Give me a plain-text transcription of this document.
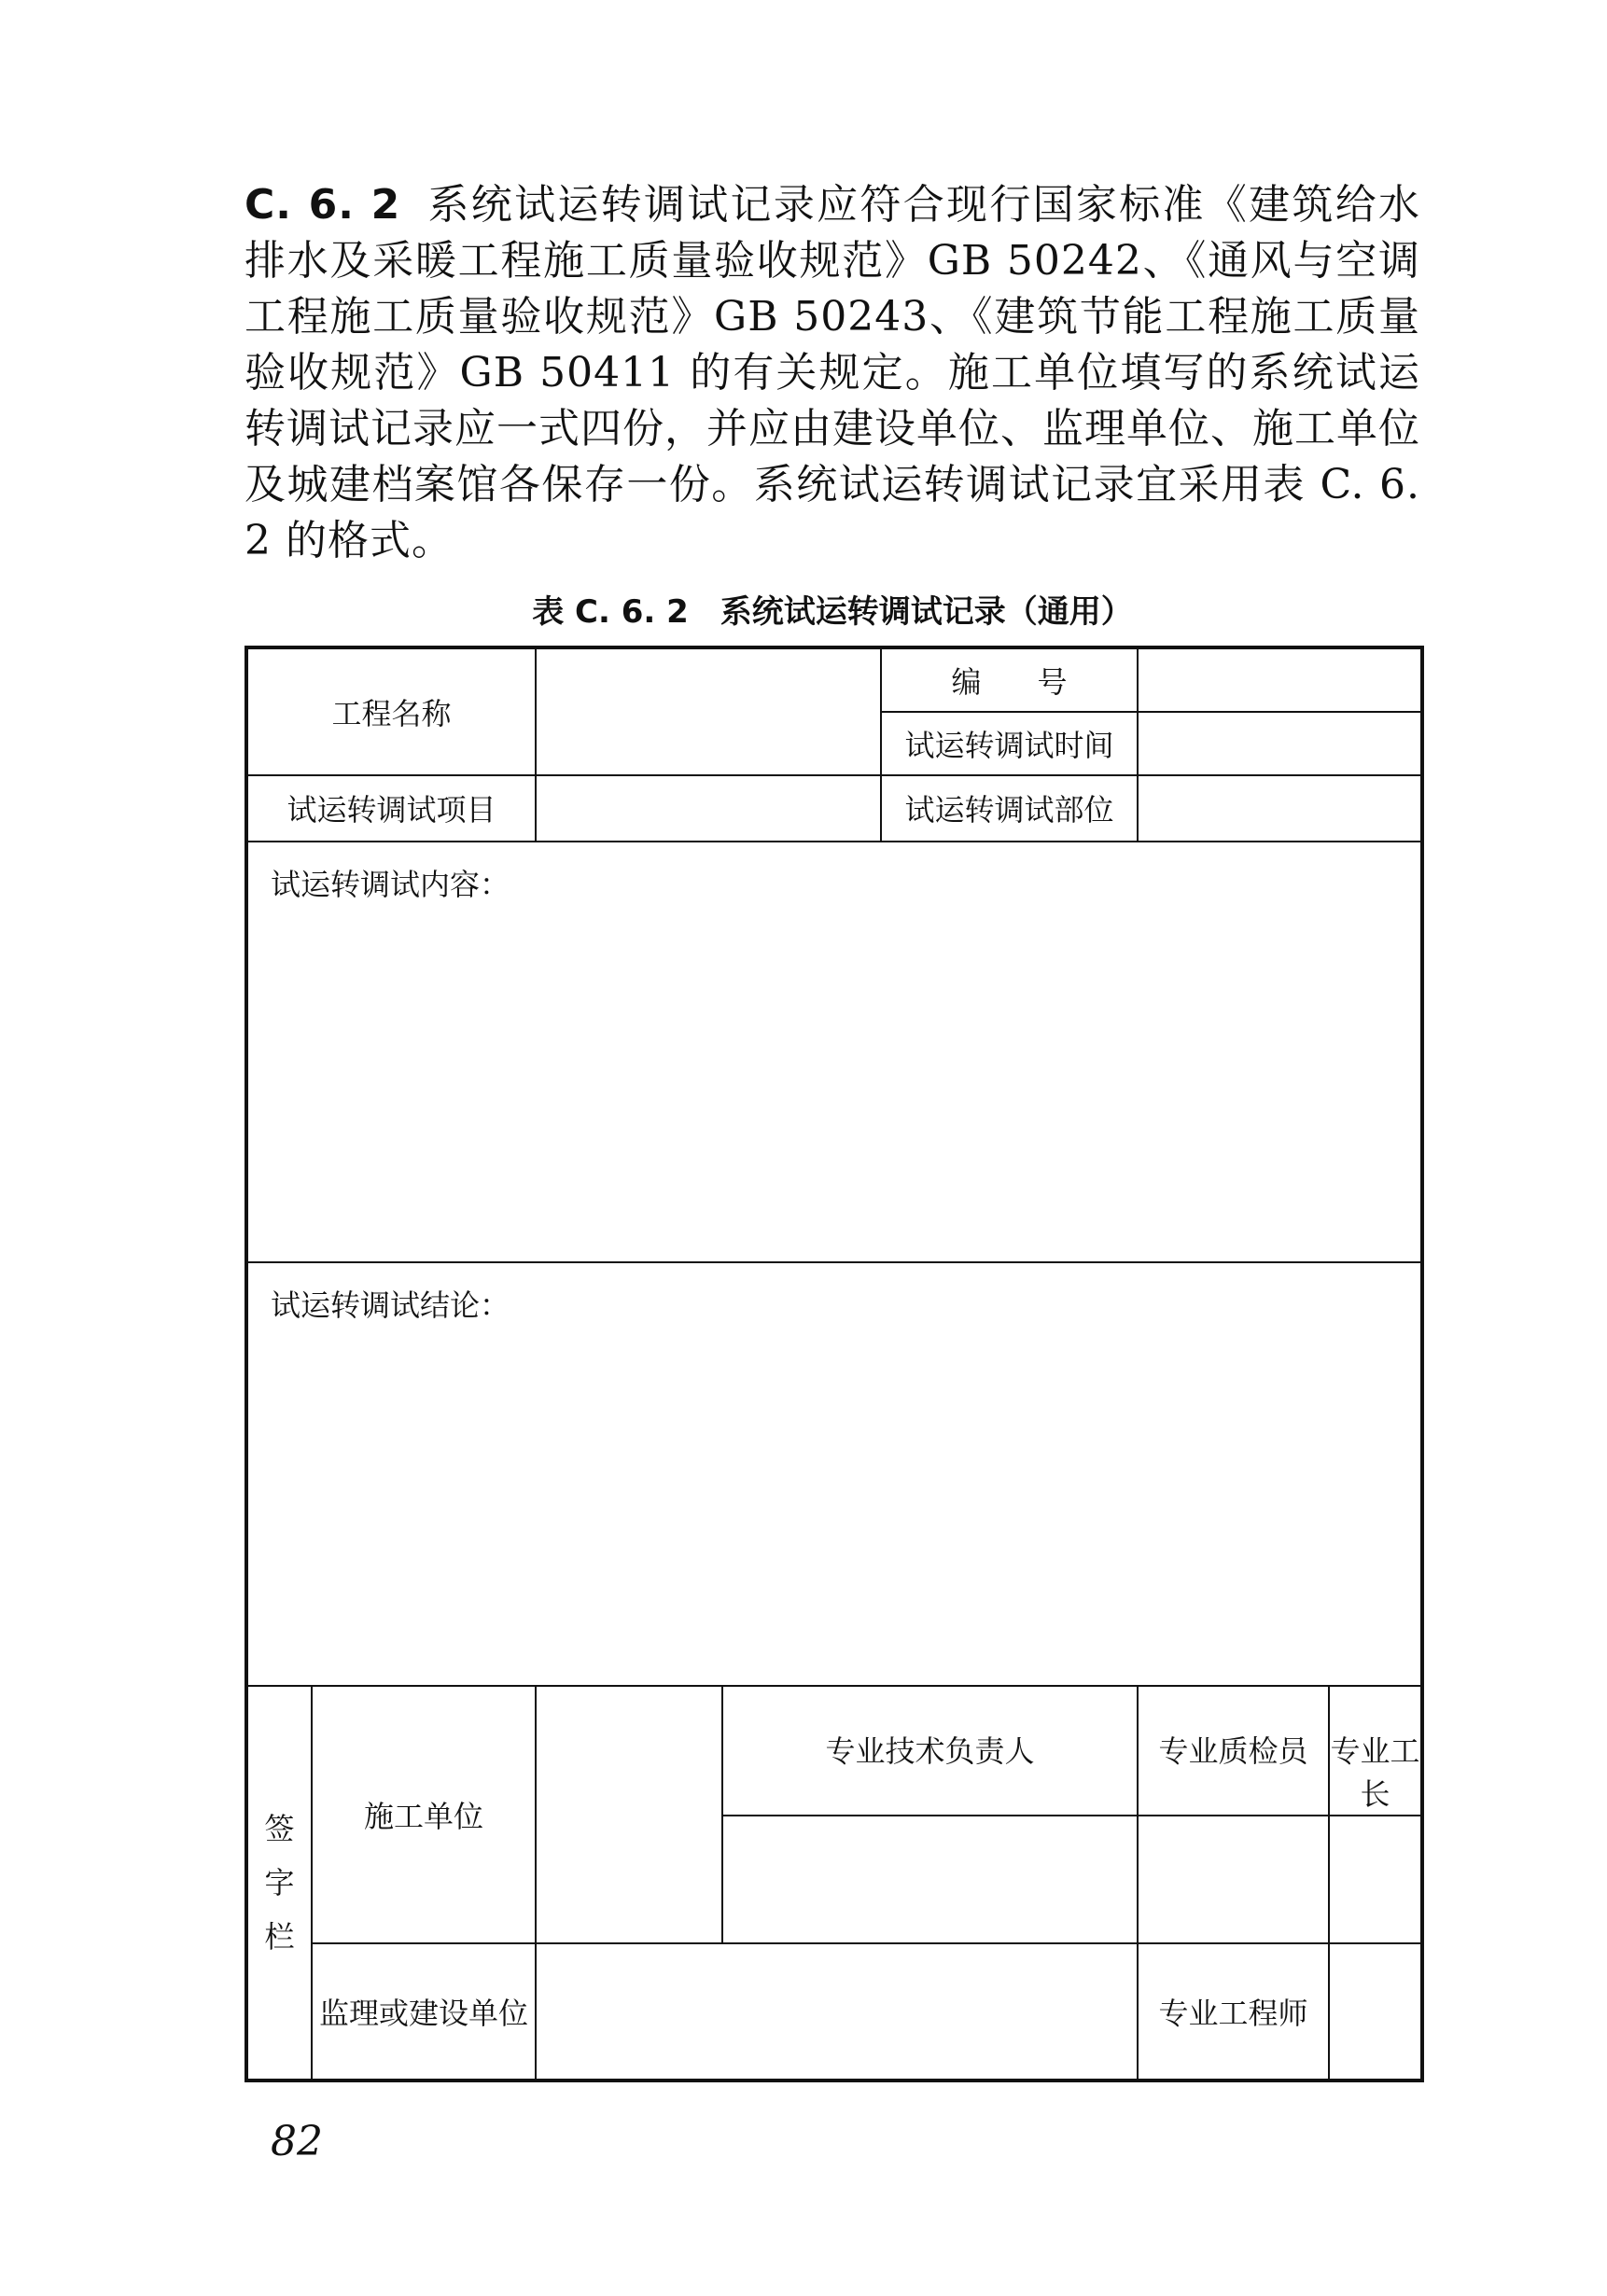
C. 6. 2 系统试运转调试记录应符合现行国家标准《建筑给水排水及采暖工程施工质量验收规范》GB 50242、《通风与空调工程施工质量验收规范》GB 50243、《建筑节能工程施工质量验收规范》GB 50411 的有关规定。施工单位填写的系统试运转调试记录应一式四份，并应由建设单位、监理单位、施工单位及城建档案馆各保存一份。系统试运转调试记录宜采用表 C. 6. 2 的格式。

表 C. 6. 2　系统试运转调试记录（通用）
工程名称				编号		
				试运转调试时间		
试运转调试项目				试运转调试部位		
试运转调试内容：						
试运转调试结论：						
签字栏	施工单位		专业技术负责人		专业质检员	专业工长

	监理或建设单位				专业工程师	
82
